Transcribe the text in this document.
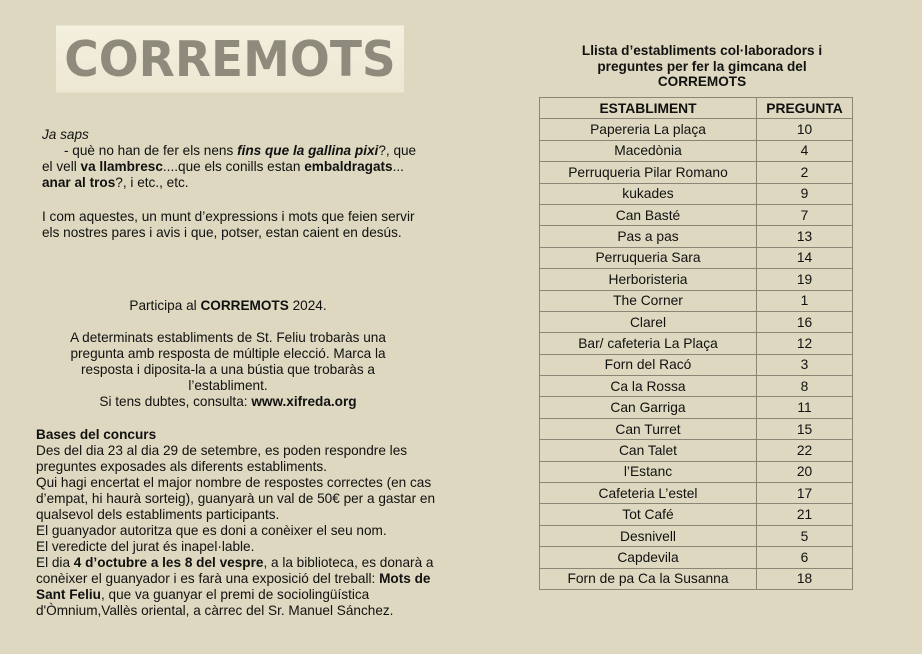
CORREMOTS
Ja saps
- què no han de fer els nens fins que la gallina pixi?, que
el vell va llambresc....que els conills estan embaldragats...
anar al tros?, i etc., etc.
I com aquestes, un munt d’expressions i mots que feien servir els nostres pares i avis i que, potser, estan caient en desús.
Participa al CORREMOTS 2024.
A determinats establiments de St. Feliu trobaràs una pregunta amb resposta de múltiple elecció. Marca la resposta i diposita-la a una bústia que trobaràs a l’establiment.
Si tens dubtes, consulta: www.xifreda.org
Bases del concurs
Des del dia 23 al dia 29 de setembre, es poden respondre les preguntes exposades als diferents establiments.
Qui hagi encertat el major nombre de respostes correctes (en cas d’empat, hi haurà sorteig), guanyarà un val de 50€ per a gastar en qualsevol dels establiments participants.
El guanyador autoritza que es doni a conèixer el seu nom.
El veredicte del jurat és inapel·lable.
El dia 4 d’octubre a les 8 del vespre, a la biblioteca, es donarà a conèixer el guanyador i es farà una exposició del treball: Mots de Sant Feliu, que va guanyar el premi de sociolingüística d'Òmnium,Vallès oriental, a càrrec del Sr. Manuel Sánchez.
Llista d’establiments col·laboradors i
preguntes per fer la gimcana del
CORREMOTS
ESTABLIMENT	PREGUNTA
Papereria La plaça	10
Macedònia	4
Perruqueria Pilar Romano	2
kukades	9
Can Basté	7
Pas a pas	13
Perruqueria Sara	14
Herboristeria	19
The Corner	1
Clarel	16
Bar/ cafeteria La Plaça	12
Forn del Racó	3
Ca la Rossa	8
Can Garriga	11
Can Turret	15
Can Talet	22
l’Estanc	20
Cafeteria L’estel	17
Tot Café	21
Desnivell	5
Capdevila	6
Forn de pa Ca la Susanna	18
